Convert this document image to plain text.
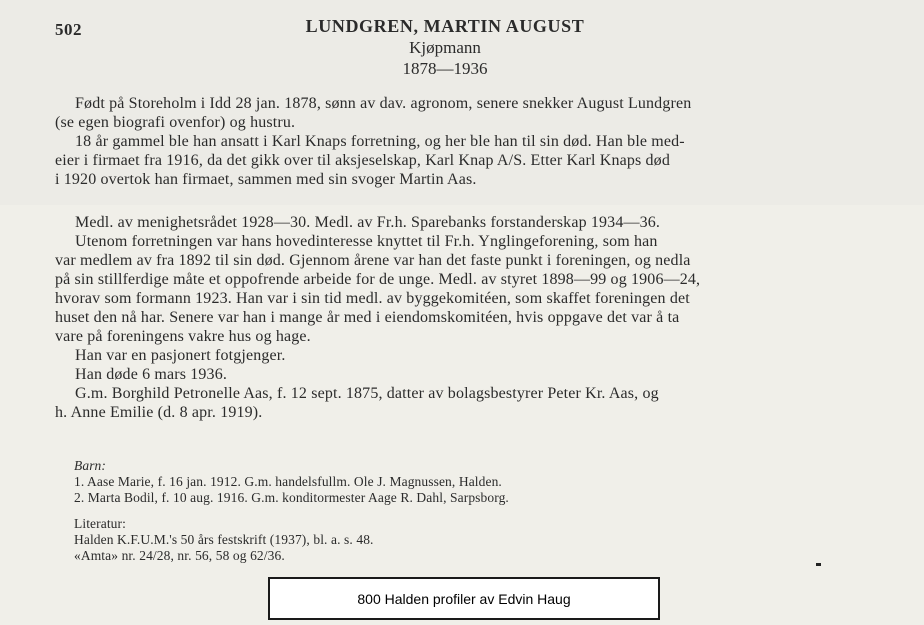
502	LUNDGREN, MARTIN AUGUST
Kjøpmann
1878—1936

Født på Storeholm i Idd 28 jan. 1878, sønn av dav. agronom, senere snekker August Lundgren

(se egen biografi ovenfor) og hustru.

18 år gammel ble han ansatt i Karl Knaps forretning, og her ble han til sin død. Han ble med-

eier i firmaet fra 1916, da det gikk over til aksjeselskap, Karl Knap A/S. Etter Karl Knaps død

i 1920 overtok han firmaet, sammen med sin svoger Martin Aas.

Medl. av menighetsrådet 1928—30. Medl. av Fr.h. Sparebanks forstanderskap 1934—36.

Utenom forretningen var hans hovedinteresse knyttet til Fr.h. Ynglingeforening, som han

var medlem av fra 1892 til sin død. Gjennom årene var han det faste punkt i foreningen, og nedla

på sin stillferdige måte et oppofrende arbeide for de unge. Medl. av styret 1898—99 og 1906—24,

hvorav som formann 1923. Han var i sin tid medl. av byggekomitéen, som skaffet foreningen det

huset den nå har. Senere var han i mange år med i eiendomskomitéen, hvis oppgave det var å ta

vare på foreningens vakre hus og hage.

Han var en pasjonert fotgjenger.

Han døde 6 mars 1936.

G.m. Borghild Petronelle Aas, f. 12 sept. 1875, datter av bolagsbestyrer Peter Kr. Aas, og

h. Anne Emilie (d. 8 apr. 1919).

Barn:

1. Aase Marie, f. 16 jan. 1912. G.m. handelsfullm. Ole J. Magnussen, Halden.

2. Marta Bodil, f. 10 aug. 1916. G.m. konditormester Aage R. Dahl, Sarpsborg.

Literatur:

Halden K.F.U.M.'s 50 års festskrift (1937), bl. a. s. 48.

«Amta» nr. 24/28, nr. 56, 58 og 62/36.

800 Halden profiler av Edvin Haug
